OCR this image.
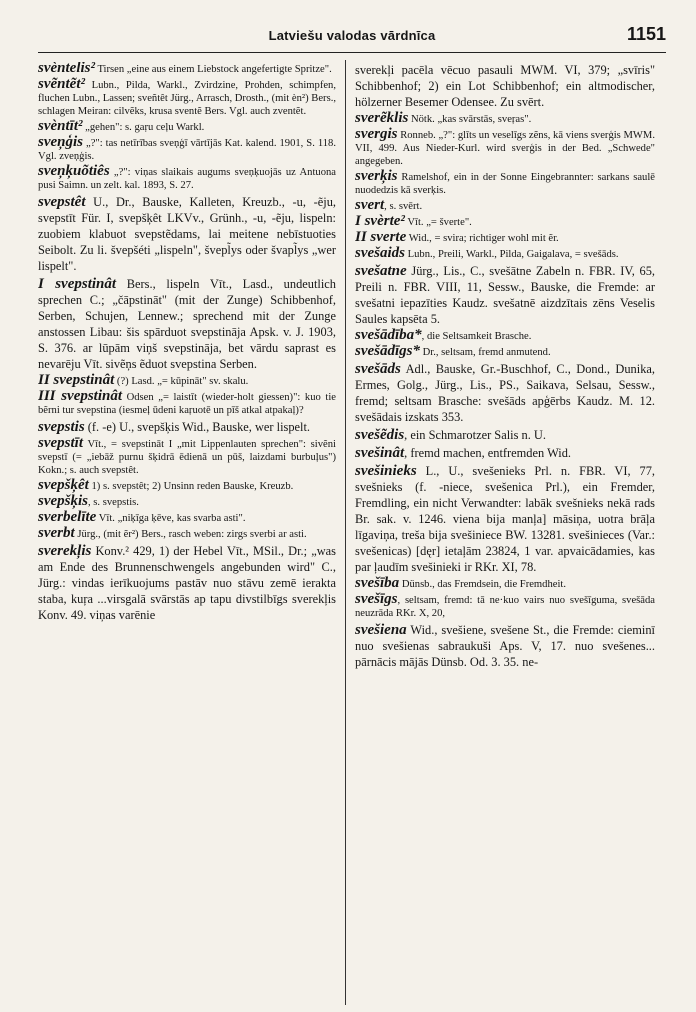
Latviešu valodas vārdnīca	1151

svèntelis² Tirsen „eine aus einem Liebstock angefertigte Spritze".

svẽntẽt² Lubn., Pilda, Warkl., Zvirdzine, Prohden, schimpfen, fluchen Lubn., Lassen; sveñtêt Jürg., Arrasch, Drosth., (mit èn²) Bers., schlagen Meiran: cilvẽks, krusa sventẽ Bers. Vgl. auch zventẽt.

svèntīt² „gehen": s. gaṛu ceļu Warkl.

sveņģis „?": tas netīrības sveņģī vārtījās Kat. kalend. 1901, S. 118. Vgl. zveņģis.

sveņķuõtiês „?": viņas slaikais augums sveņķuojās uz Antuona pusi Saimn. un zelt. kal. 1893, S. 27.

svepstêt U., Dr., Bauske, Kalleten, Kreuzb., -u, -ẽju, svepstīt Für. I, svepšķêt LKVv., Grünh., -u, -ẽju, lispeln: zuobiem klabuot svepstẽdams, lai meitene nebīstuoties Seibolt. Zu li. švepšéti „lispeln", švepl̃ys oder švapl̃ys „wer lispelt".

I svepstinât Bers., lispeln Vīt., Lasd., undeutlich sprechen C.; „čāpstināt" (mit der Zunge) Schibbenhof, Serben, Schujen, Lennew.; sprechend mit der Zunge anstossen Libau: šis spārduot svepstināja Apsk. v. J. 1903, S. 376. ar lūpām viņš svepstināja, bet vārdu saprast es nevarēju Vīt. sivẽņs ẽduot svepstina Serben.

II svepstinât (?) Lasd. „= kūpināt" sv. skalu.

III svepstinât Odsen „= laistīt (wieder-holt giessen)": kuo tie bẽrni tur svepstina (iesmeļ ūdeni kaŗuotē un pīš atkal atpakaļ)?

svepstis (f. -e) U., svepšķis Wid., Bauske, wer lispelt.

svepstīt Vīt., = svepstināt I „mit Lippenlauten sprechen": sivẽni svepstī (= „iebāž purnu šķidrā ēdienā un pūš, laizdami burbuļus") Kokn.; s. auch svepstêt.

svepšķêt 1) s. svepstêt; 2) Unsinn reden Bauske, Kreuzb.

svepšķis, s. svepstis.

sverbelīte Vīt. „niķīga ķēve, kas svarba asti".

sverbt Jürg., (mit ẽr²) Bers., rasch weben: zirgs sverbi ar asti.

sverekļis Konv.² 429, 1) der Hebel Vīt., MSil., Dr.; „was am Ende des Brunnenschwengels angebunden wird" C., Jürg.: vindas ierīkuojums pastāv nuo stāvu zemē ierakta staba, kuŗa ...virsgalā svārstās ap tapu divstilbīgs sverekļis Konv. 49. viņas varēnie

sverekļi pacēla vēcuo pasauli MWM. VI, 379; „svīris" Schibbenhof; 2) ein Lot Schibbenhof; ein altmodischer, hölzerner Besemer Odensee. Zu svērt.

sverẽklis Nötk. „kas svārstās, sveŗas".

svergis Ronneb. „?": glīts un veselīgs zẽns, kā viens sverģis MWM. VII, 499. Aus Nieder-Kurl. wird sverģis in der Bed. „Schwede" angegeben.

sverķis Ramelshof, ein in der Sonne Eingebrannter: sarkans saulē nuodedzis kā sverķis.

svert, s. svērt.

I svèrte² Vīt. „= šverte".

II sverte Wid., = svira; richtiger wohl mit ẽr.

svešaids Lubn., Preili, Warkl., Pilda, Gaigalava, = svešāds.

svešatne Jürg., Lis., C., svešātne Zabeln n. FBR. IV, 65, Preili n. FBR. VIII, 11, Sessw., Bauske, die Fremde: ar svešatni iepazīties Kaudz. svešatnē aizdzītais zēns Veselis Saules kapsēta 5.

svešādība*, die Seltsamkeit Brasche.

svešādīgs* Dr., seltsam, fremd anmutend.

svešāds Adl., Bauske, Gr.-Buschhof, C., Dond., Dunika, Ermes, Golg., Jürg., Lis., PS., Saikava, Selsau, Sessw., fremd; seltsam Brasche: svešāds apģērbs Kaudz. M. 12. svešādais izskats 353.

svešẽdis, ein Schmarotzer Salis n. U.

svešinât, fremd machen, entfremden Wid.

svešinieks L., U., svešenieks Prl. n. FBR. VI, 77, svešnieks (f. -niece, svešenica Prl.), ein Fremder, Fremdling, ein nicht Verwandter: labāk svešnieks nekā rads Br. sak. v. 1246. viena bija manļa] māsiņa, uotra brāļa līgaviņa, treša bija svešiniece BW. 13281. svešinieces (Var.: svešenicas) [dęr] ietaļām 23824, 1 var. apvaicādamies, kas par ļaudīm svešinieki ir RKr. XI, 78.

svešība Dünsb., das Fremdsein, die Fremdheit.

svešīgs, seltsam, fremd: tā ne·kuo vairs nuo svešīguma, svešāda neuzrāda RKr. X, 20,

svešiena Wid., svešiene, svešene St., die Fremde: cieminī nuo svešienas sabraukuši Aps. V, 17. nuo svešenes... pārnācis mājās Dünsb. Od. 3. 35. ne-
